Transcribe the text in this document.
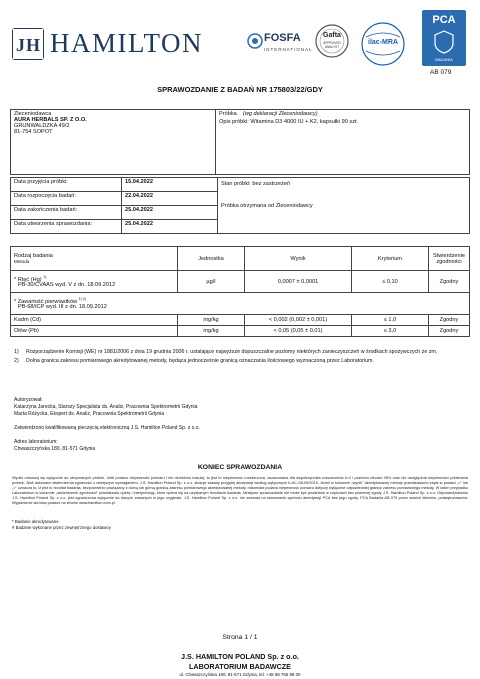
J H HAMILTON	FOSFA
INTERNATIONAL
Gafta
APPROVED ANALYST
ilac-MRA
PCA
BADANIA
AB 079
SPRAWOZDANIE Z BADAŃ NR 175803/22/GDY
Zleceniodawca
AURA HERBALS SP. Z O.O.
GRUNWALDZKA 49/2
81-754 SOPOT

Próbka (wg deklaracji Zleceniodawcy)
Opis próbki: Witamina D3 4000 IU + K2, kapsułki 90 szt.
Data przyjęcia próbki:	15.04.2022	Stan próbki: bez zastrzeżeń
Próbka otrzymana od Zleceniodawcy

Data rozpoczęcia badań:	22.04.2022	
Data zakończenia badań:	25.04.2022	
Data utworzenia sprawozdania:	25.04.2022	
Rodzaj badania
Metoda	Jednostka	Wynik	Kryterium	Stwierdzenie zgodności

* Rtęć (Hg) $^{1)}$
PB-30/CVAAS wyd. V z dn. 18.09.2012	µg/l	0,0007 ± 0,0001	≤ 0,10	Zgodny

* Zawartość pierwiastków $^{1) 2)}$
PB-68/ICP wyd. III z dn. 18.09.2012				

Kadm (Cd)	mg/kg	< 0,002 (0,002 ± 0,001)	≤ 1,0	Zgodny
Ołów (Pb)	mg/kg	< 0,05 (0,05 ± 0,01)	≤ 3,0	Zgodny
1)	Rozporządzenie Komisji (WE) nr 1881/2006 z dnia 19 grudnia 2006 r. ustalające najwyższe dopuszczalne poziomy niektórych zanieczyszczeń w środkach spożywczych ze zm.
2)	Dolna granica zakresu pomiarowego akredytowanej metody, będąca jednocześnie granicą oznaczania ilościowego wyznaczoną przez Laboratorium.
Autoryzował:
Katarzyna Jarecka, Starszy Specjalista ds. Analiz, Pracownia Spektrometrii Gdynia
Marta Różycka, Ekspert ds. Analiz, Pracownia Spektrometrii Gdynia
Zatwierdzono kwalifikowaną pieczęcią elektroniczną J.S. Hamilton Poland Sp. z o.o.
Adres laboratorium:
Chwaszczyńska 180, 81-571 Gdynia
KONIEC SPRAWOZDANIA
Wyniki odnoszą się wyłącznie do otrzymanych próbek. Jeśli podano niepewność pomiaru i nie określono inaczej, to jest to niepewność rozszerzona, oszacowana dla współczynnika rozszerzenia k=2 i poziomu ufności 95% oraz nie uwzględnia niepewności pobierania próbek. Jeśli dokonano stwierdzenia zgodności z niniejszym wymaganiem, J.S. Hamilton Poland Sp. z o.o. stosuje zasady przyjętej akceptacji według wytycznych ILAC-G8:09/2019. Jeżeli w kolumnie „wynik” akredytowanej metody przedstawiono zapis w postaci „<” lub „>” oznacza to, iż jest to rezultat badania, bezpośrednio powiązany z dolną lub górną granicą zakresu pomiarowego akredytowanej metody, natomiast podana niepewność pomiaru dotyczy wyłącznie odpowiedniej granicy zakresu pomiarowego metody. W takim przypadku Laboratorium w kolumnie „stwierdzenie zgodności” przedstawia opinię i interpretację, które opiera się na uzyskanym rezultacie badania. Niniejsze sprawozdanie nie może być powielane w częściach bez pisemnej zgody J.S. Hamilton Poland Sp. z o.o. Odpowiedzialność J.S. Hamilton Poland Sp. z o.o. jest ograniczona wyłącznie do danych zawartych w jego oryginale. J.S. Hamilton Poland Sp. z o.o. nie zezwala na stosowanie symbolu akredytacji PCA bez jego zgody. PCA Badania AB 079 przez swoich klientów, podwykonawców. Wyjaśnienie skrótów podano na stronie www.hamilton.com.pl.
* Badanie akredytowane
# Badanie wykonane przez zewnętrznego dostawcę
Strona 1 / 1
J.S. HAMILTON POLAND Sp. z o.o.
LABORATORIUM BADAWCZE
ul. Chwaszczyńska 180, 81-571 Gdynia, tel. +48 58 766 99 00
